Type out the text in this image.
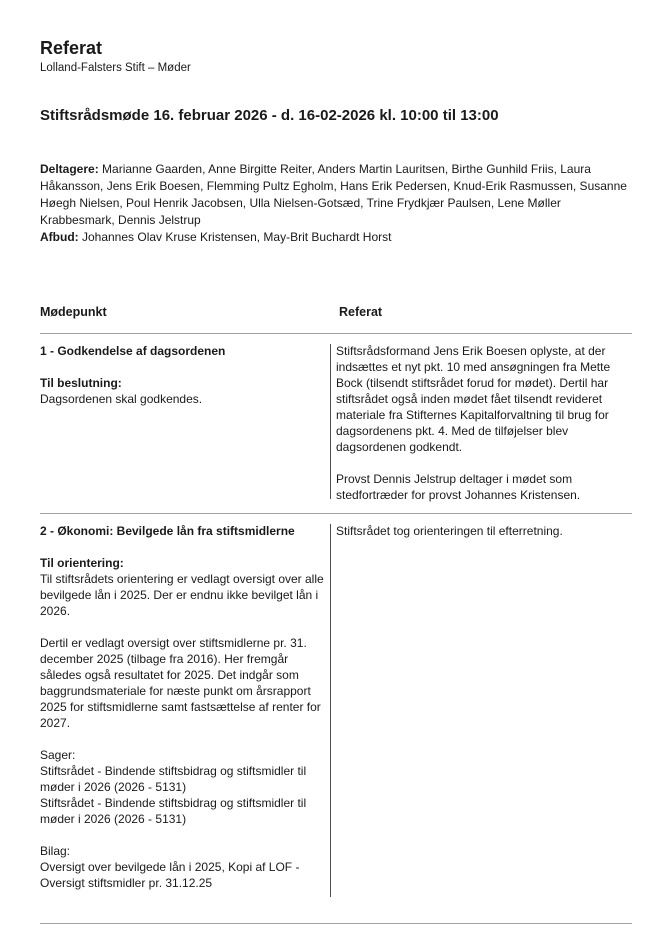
Referat
Lolland-Falsters Stift – Møder
Stiftsrådsmøde 16. februar 2026 - d. 16-02-2026 kl. 10:00 til 13:00
Deltagere: Marianne Gaarden, Anne Birgitte Reiter, Anders Martin Lauritsen, Birthe Gunhild Friis, Laura Håkansson, Jens Erik Boesen, Flemming Pultz Egholm, Hans Erik Pedersen, Knud-Erik Rasmussen, Susanne Høegh Nielsen, Poul Henrik Jacobsen, Ulla Nielsen-Gotsæd, Trine Frydkjær Paulsen, Lene Møller Krabbesmark, Dennis Jelstrup
Afbud: Johannes Olav Kruse Kristensen, May-Brit Buchardt Horst
Mødepunkt	Referat
1 - Godkendelse af dagsordenen
Til beslutning:
Dagsordenen skal godkendes.

Stiftsrådsformand Jens Erik Boesen oplyste, at der indsættes et nyt pkt. 10 med ansøgningen fra Mette Bock (tilsendt stiftsrådet forud for mødet). Dertil har stiftsrådet også inden mødet fået tilsendt revideret materiale fra Stifternes Kapitalforvaltning til brug for dagsordenens pkt. 4. Med de tilføjelser blev dagsordenen godkendt.

Provst Dennis Jelstrup deltager i mødet som stedfortræder for provst Johannes Kristensen.

2 - Økonomi: Bevilgede lån fra stiftsmidlerne
Til orientering:
Til stiftsrådets orientering er vedlagt oversigt over alle bevilgede lån i 2025. Der er endnu ikke bevilget lån i 2026.

Dertil er vedlagt oversigt over stiftsmidlerne pr. 31. december 2025 (tilbage fra 2016). Her fremgår således også resultatet for 2025. Det indgår som baggrundsmateriale for næste punkt om årsrapport 2025 for stiftsmidlerne samt fastsættelse af renter for 2027.

Sager:
Stiftsrådet - Bindende stiftsbidrag og stiftsmidler til møder i 2026 (2026 - 5131)
Stiftsrådet - Bindende stiftsbidrag og stiftsmidler til møder i 2026 (2026 - 5131)
Bilag:
Oversigt over bevilgede lån i 2025, Kopi af LOF - Oversigt stiftsmidler pr. 31.12.25

Stiftsrådet tog orienteringen til efterretning.
